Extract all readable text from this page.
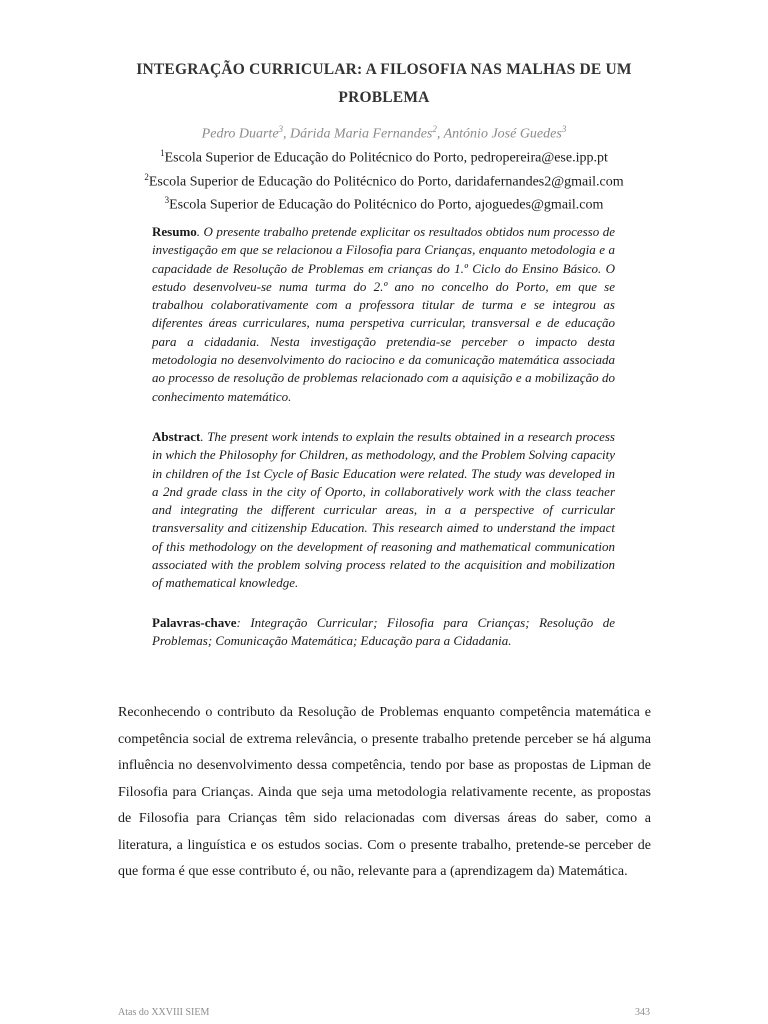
INTEGRAÇÃO CURRICULAR: A FILOSOFIA NAS MALHAS DE UM PROBLEMA
Pedro Duarte$^3$, Dárida Maria Fernandes$^2$, António José Guedes$^3$
$^1$Escola Superior de Educação do Politécnico do Porto, pedropereira@ese.ipp.pt
$^2$Escola Superior de Educação do Politécnico do Porto, daridafernandes2@gmail.com
$^3$Escola Superior de Educação do Politécnico do Porto, ajoguedes@gmail.com
Resumo. O presente trabalho pretende explicitar os resultados obtidos num processo de investigação em que se relacionou a Filosofia para Crianças, enquanto metodologia e a capacidade de Resolução de Problemas em crianças do 1.º Ciclo do Ensino Básico. O estudo desenvolveu-se numa turma do 2.º ano no concelho do Porto, em que se trabalhou colaborativamente com a professora titular de turma e se integrou as diferentes áreas curriculares, numa perspetiva curricular, transversal e de educação para a cidadania. Nesta investigação pretendia-se perceber o impacto desta metodologia no desenvolvimento do raciocino e da comunicação matemática associada ao processo de resolução de problemas relacionado com a aquisição e a mobilização do conhecimento matemático.
Abstract. The present work intends to explain the results obtained in a research process in which the Philosophy for Children, as methodology, and the Problem Solving capacity in children of the 1st Cycle of Basic Education were related. The study was developed in a 2nd grade class in the city of Oporto, in collaboratively work with the class teacher and integrating the different curricular areas, in a a perspective of curricular transversality and citizenship Education. This research aimed to understand the impact of this methodology on the development of reasoning and mathematical communication associated with the problem solving process related to the acquisition and mobilization of mathematical knowledge.
Palavras-chave: Integração Curricular; Filosofia para Crianças; Resolução de Problemas; Comunicação Matemática; Educação para a Cidadania.
Reconhecendo o contributo da Resolução de Problemas enquanto competência matemática e competência social de extrema relevância, o presente trabalho pretende perceber se há alguma influência no desenvolvimento dessa competência, tendo por base as propostas de Lipman de Filosofia para Crianças. Ainda que seja uma metodologia relativamente recente, as propostas de Filosofia para Crianças têm sido relacionadas com diversas áreas do saber, como a literatura, a linguística e os estudos socias. Com o presente trabalho, pretende-se perceber de que forma é que esse contributo é, ou não, relevante para a (aprendizagem da) Matemática.
Atas do XXVIII SIEM	343
